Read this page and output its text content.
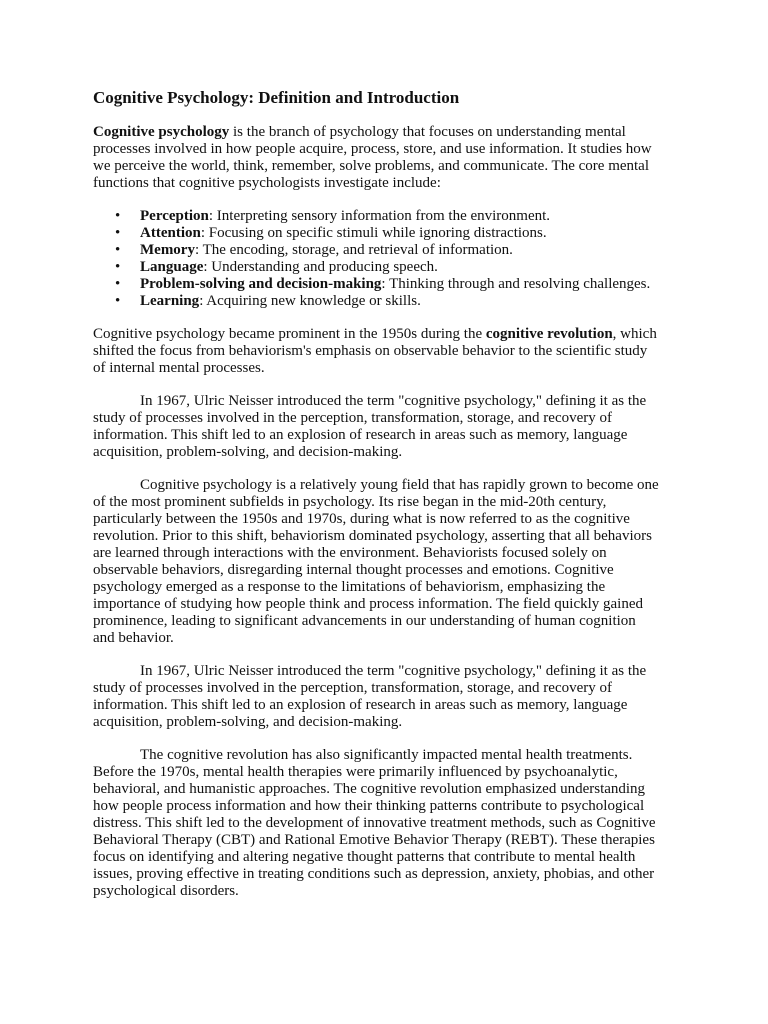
Cognitive Psychology: Definition and Introduction
Cognitive psychology is the branch of psychology that focuses on understanding mental
processes involved in how people acquire, process, store, and use information. It studies how
we perceive the world, think, remember, solve problems, and communicate. The core mental
functions that cognitive psychologists investigate include:
• Perception: Interpreting sensory information from the environment.
• Attention: Focusing on specific stimuli while ignoring distractions.
• Memory: The encoding, storage, and retrieval of information.
• Language: Understanding and producing speech.
• Problem-solving and decision-making: Thinking through and resolving challenges.
• Learning: Acquiring new knowledge or skills.
Cognitive psychology became prominent in the 1950s during the cognitive revolution, which
shifted the focus from behaviorism's emphasis on observable behavior to the scientific study
of internal mental processes.
In 1967, Ulric Neisser introduced the term "cognitive psychology," defining it as the
study of processes involved in the perception, transformation, storage, and recovery of
information. This shift led to an explosion of research in areas such as memory, language
acquisition, problem-solving, and decision-making.
Cognitive psychology is a relatively young field that has rapidly grown to become one
of the most prominent subfields in psychology. Its rise began in the mid-20th century,
particularly between the 1950s and 1970s, during what is now referred to as the cognitive
revolution. Prior to this shift, behaviorism dominated psychology, asserting that all behaviors
are learned through interactions with the environment. Behaviorists focused solely on
observable behaviors, disregarding internal thought processes and emotions. Cognitive
psychology emerged as a response to the limitations of behaviorism, emphasizing the
importance of studying how people think and process information. The field quickly gained
prominence, leading to significant advancements in our understanding of human cognition
and behavior.
In 1967, Ulric Neisser introduced the term "cognitive psychology," defining it as the
study of processes involved in the perception, transformation, storage, and recovery of
information. This shift led to an explosion of research in areas such as memory, language
acquisition, problem-solving, and decision-making.
The cognitive revolution has also significantly impacted mental health treatments.
Before the 1970s, mental health therapies were primarily influenced by psychoanalytic,
behavioral, and humanistic approaches. The cognitive revolution emphasized understanding
how people process information and how their thinking patterns contribute to psychological
distress. This shift led to the development of innovative treatment methods, such as Cognitive
Behavioral Therapy (CBT) and Rational Emotive Behavior Therapy (REBT). These therapies
focus on identifying and altering negative thought patterns that contribute to mental health
issues, proving effective in treating conditions such as depression, anxiety, phobias, and other
psychological disorders.
